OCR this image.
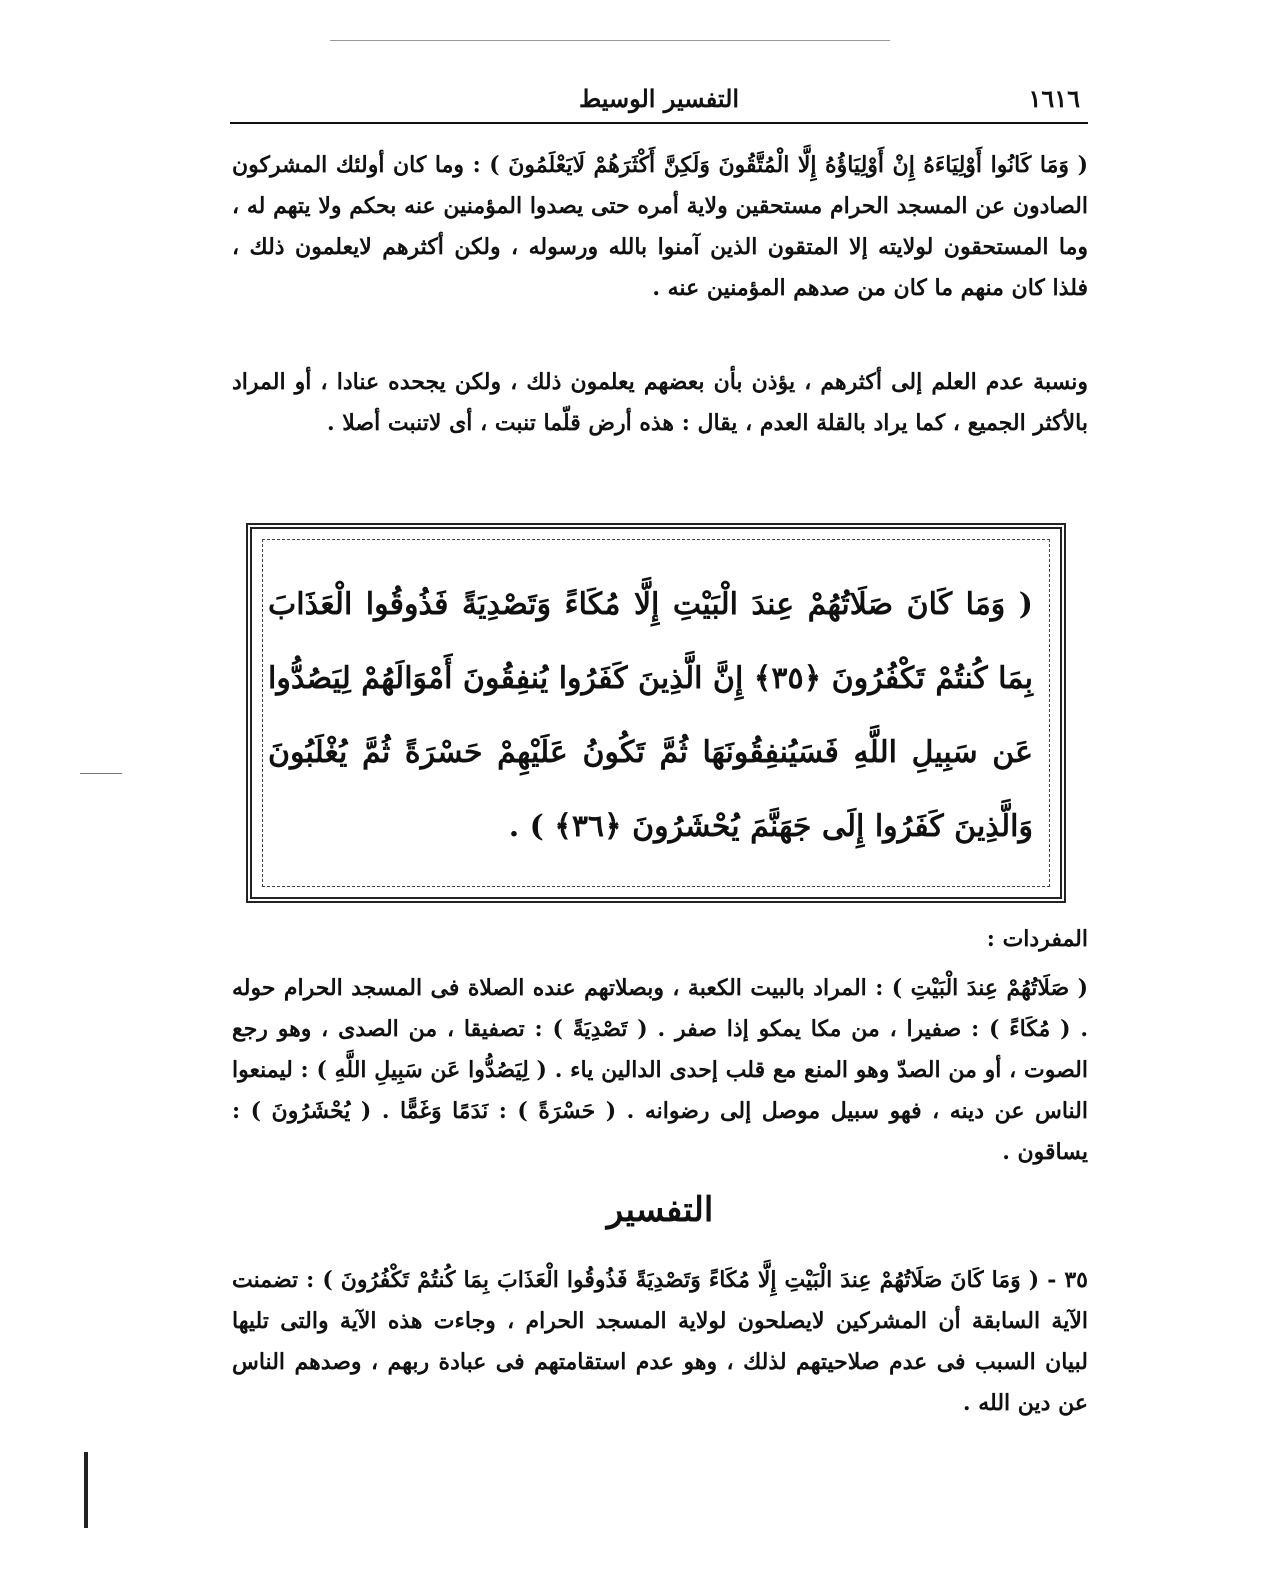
١٦١٦
التفسير الوسيط

( وَمَا كَانُوا أَوْلِيَاءَهُ إِنْ أَوْلِيَاؤُهُ إِلَّا الْمُتَّقُونَ وَلَكِنَّ أَكْثَرَهُمْ لَايَعْلَمُونَ ) : وما كان أولئك المشركون الصادون عن المسجد الحرام مستحقين ولاية أمره حتى يصدوا المؤمنين عنه بحكم ولا يتهم له ، وما المستحقون لولايته إلا المتقون الذين آمنوا بالله ورسوله ، ولكن أكثرهم لايعلمون ذلك ، فلذا كان منهم ما كان من صدهم المؤمنين عنه .

ونسبة عدم العلم إلى أكثرهم ، يؤذن بأن بعضهم يعلمون ذلك ، ولكن يجحده عنادا ، أو المراد بالأكثر الجميع ، كما يراد بالقلة العدم ، يقال : هذه أرض قلّما تنبت ، أى لاتنبت أصلا .

( وَمَا كَانَ صَلَاتُهُمْ عِندَ الْبَيْتِ إِلَّا مُكَاءً وَتَصْدِيَةً فَذُوقُوا الْعَذَابَ بِمَا كُنتُمْ تَكْفُرُونَ ﴿٣٥﴾ إِنَّ الَّذِينَ كَفَرُوا يُنفِقُونَ أَمْوَالَهُمْ لِيَصُدُّوا عَن سَبِيلِ اللَّهِ فَسَيُنفِقُونَهَا ثُمَّ تَكُونُ عَلَيْهِمْ حَسْرَةً ثُمَّ يُغْلَبُونَ وَالَّذِينَ كَفَرُوا إِلَى جَهَنَّمَ يُحْشَرُونَ ﴿٣٦﴾ ) .

المفردات :

( صَلَاتُهُمْ عِندَ الْبَيْتِ ) : المراد بالبيت الكعبة ، وبصلاتهم عنده الصلاة فى المسجد الحرام حوله . ( مُكَاءً ) : صفيرا ، من مكا يمكو إذا صفر . ( تَصْدِيَةً ) : تصفيقا ، من الصدى ، وهو رجع الصوت ، أو من الصدّ وهو المنع مع قلب إحدى الدالين ياء . ( لِيَصُدُّوا عَن سَبِيلِ اللَّهِ ) : ليمنعوا الناس عن دينه ، فهو سبيل موصل إلى رضوانه . ( حَسْرَةً ) : نَدَمًا وَغَمًّا . ( يُحْشَرُونَ ) : يساقون .

التفسير

٣٥ - ( وَمَا كَانَ صَلَاتُهُمْ عِندَ الْبَيْتِ إِلَّا مُكَاءً وَتَصْدِيَةً فَذُوقُوا الْعَذَابَ بِمَا كُنتُمْ تَكْفُرُونَ ) : تضمنت الآية السابقة أن المشركين لايصلحون لولاية المسجد الحرام ، وجاءت هذه الآية والتى تليها لبيان السبب فى عدم صلاحيتهم لذلك ، وهو عدم استقامتهم فى عبادة ربهم ، وصدهم الناس عن دين الله .
